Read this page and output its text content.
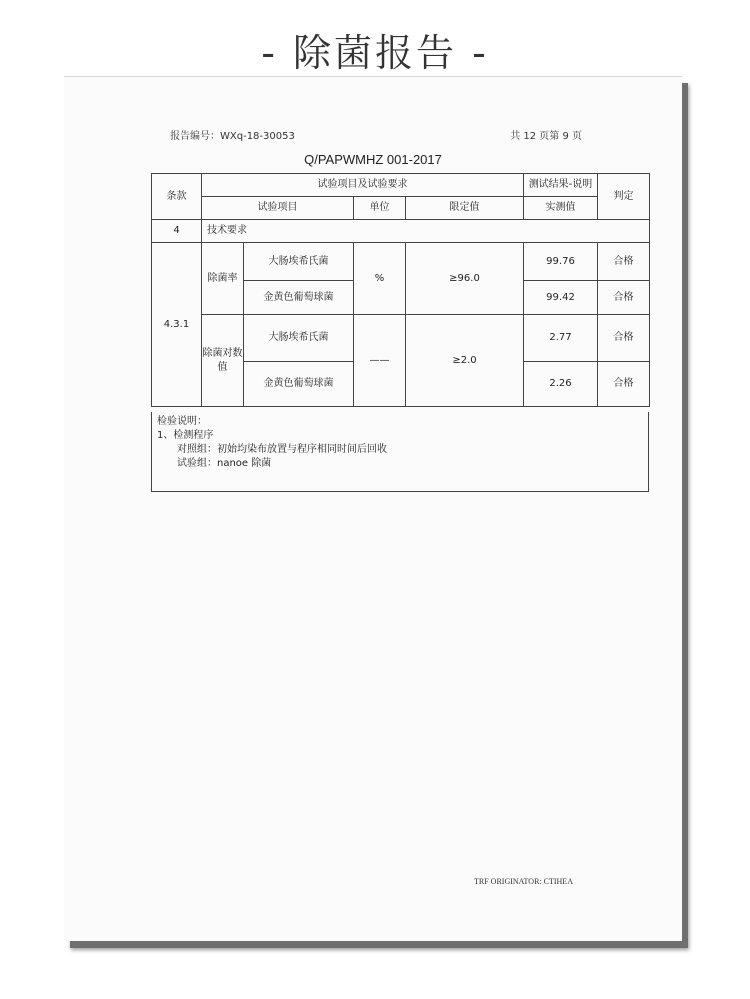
- 除菌报告 -
报告编号：WXq-18-30053	共 12 页第 9 页
Q/PAPWMHZ 001-2017
条款	试验项目及试验要求				测试结果-说明	判定
	试验项目		单位	限定值	实测值	
4	技术要求					
4.3.1	除菌率	大肠埃希氏菌	%	≥96.0	99.76	合格
		金黄色葡萄球菌			99.42	合格
	除菌对数值	大肠埃希氏菌	——	≥2.0	2.77	合格
		金黄色葡萄球菌			2.26	合格
检验说明：
1、检测程序
对照组：初始均染布放置与程序相同时间后回收
试验组：nanoe 除菌
TRF ORIGINATOR: CTIHEA
